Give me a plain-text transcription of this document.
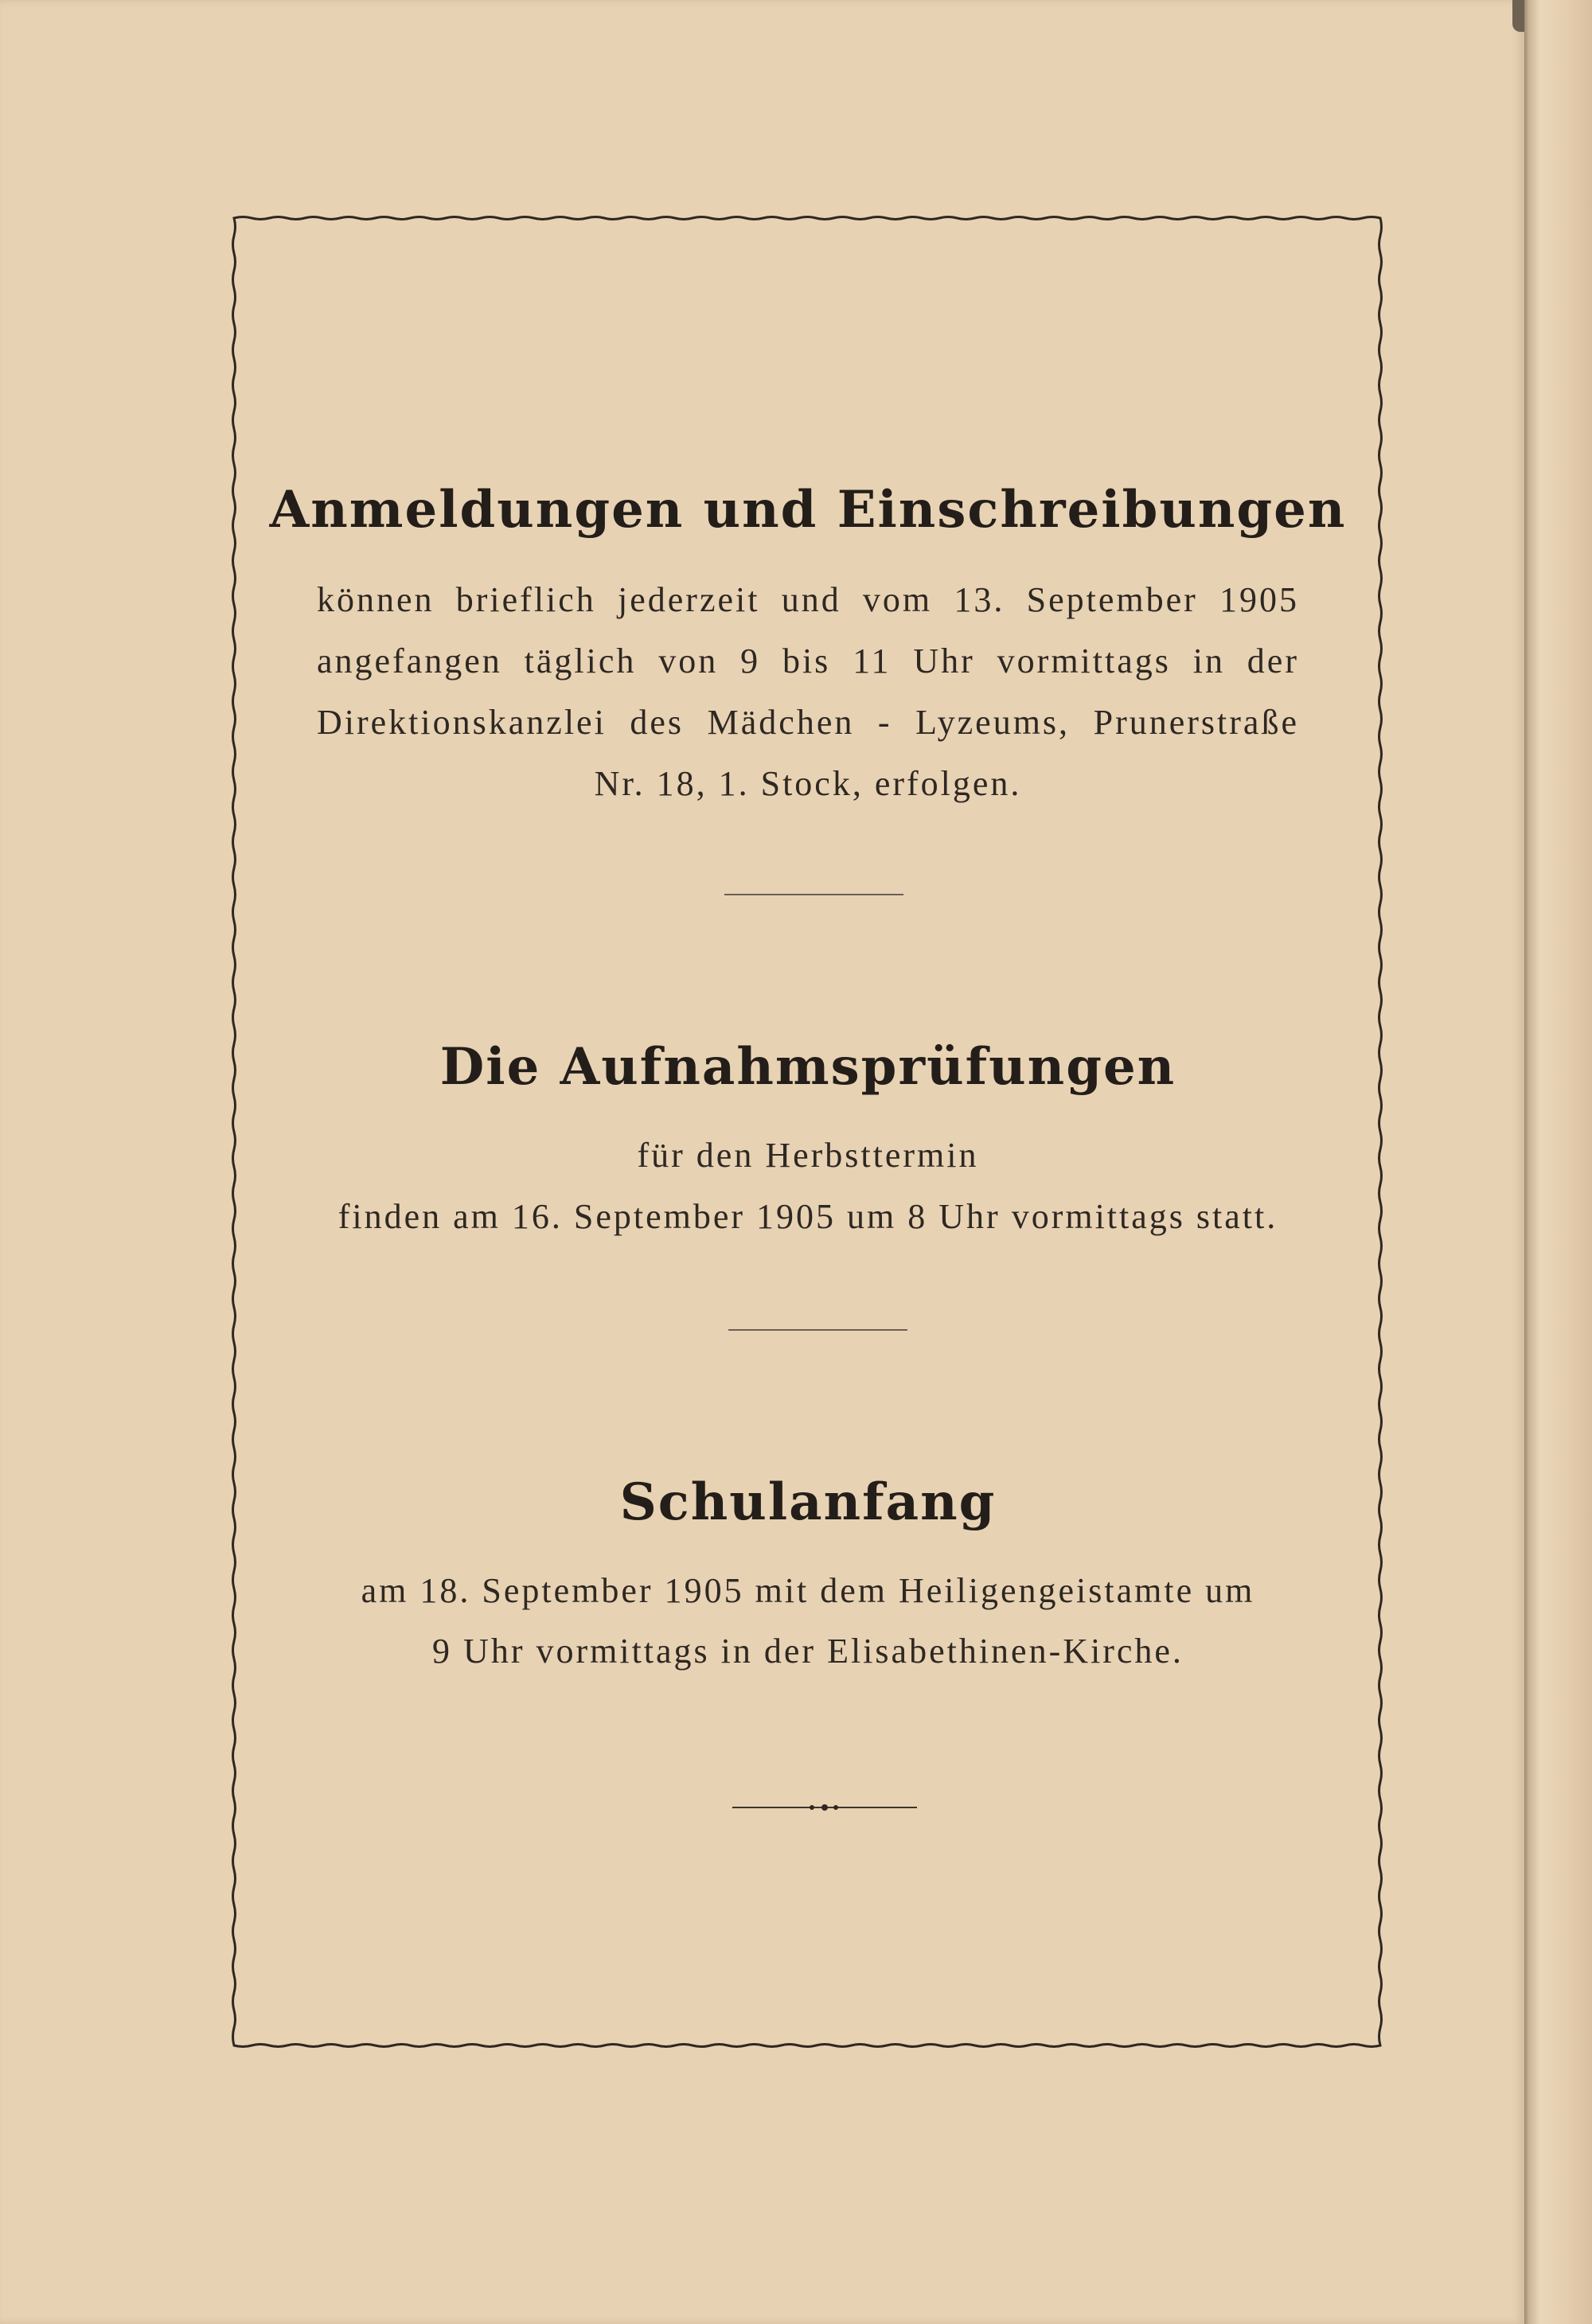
Anmeldungen und Einschreibungen
können brieflich jederzeit und vom 13. September 1905
angefangen täglich von 9 bis 11 Uhr vormittags in der
Direktionskanzlei des Mädchen - Lyzeums, Prunerstraße
Nr. 18, 1. Stock, erfolgen.
Die Aufnahmsprüfungen
für den Herbsttermin
finden am 16. September 1905 um 8 Uhr vormittags statt.
Schulanfang
am 18. September 1905 mit dem Heiligengeistamte um
9 Uhr vormittags in der Elisabethinen-Kirche.
